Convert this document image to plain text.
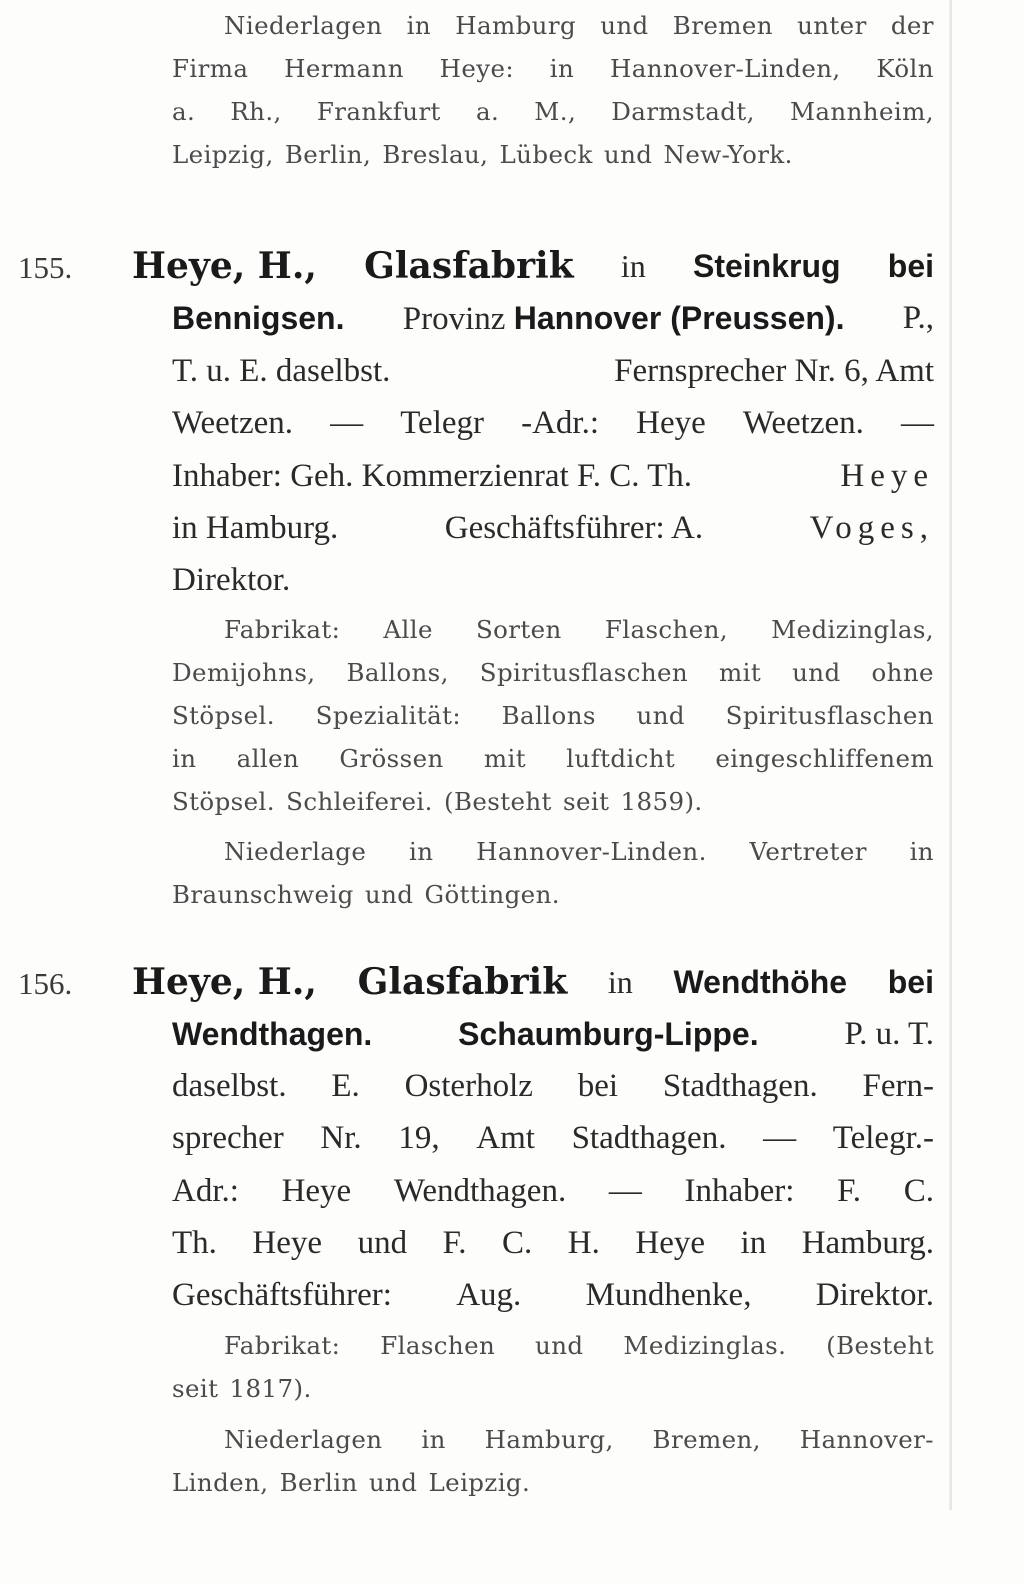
Niederlagen in Hamburg und Bremen unter der
Firma Hermann Heye: in Hannover-Linden, Köln
a. Rh., Frankfurt a. M., Darmstadt, Mannheim,
Leipzig, Berlin, Breslau, Lübeck und New-York.
155.	Heye, H., Glasfabrik in Steinkrug bei
Bennigsen. Provinz Hannover (Preussen). P.,
T. u. E. daselbst.	Fernsprecher Nr. 6, Amt
Weetzen. — Telegr -Adr.: Heye Weetzen. —
Inhaber: Geh. Kommerzienrat F. C. Th.	Heye
in Hamburg.	Geschäftsführer: A.	Voges,
Direktor.
Fabrikat: Alle Sorten Flaschen, Medizinglas,
Demijohns, Ballons, Spiritusflaschen mit und ohne
Stöpsel. Spezialität: Ballons und Spiritusflaschen
in allen Grössen mit luftdicht eingeschliffenem
Stöpsel. Schleiferei. (Besteht seit 1859).
Niederlage in Hannover-Linden. Vertreter in
Braunschweig und Göttingen.
156.	Heye, H., Glasfabrik in Wendthöhe bei
Wendthagen.	Schaumburg-Lippe.	P. u. T.
daselbst. E. Osterholz bei Stadthagen. Fern-
sprecher Nr. 19, Amt Stadthagen. — Telegr.-
Adr.: Heye Wendthagen. — Inhaber: F. C.
Th. Heye und F. C. H. Heye in Hamburg.
Geschäftsführer: Aug. Mundhenke, Direktor.
Fabrikat: Flaschen und Medizinglas. (Besteht
seit 1817).
Niederlagen in Hamburg, Bremen, Hannover-
Linden, Berlin und Leipzig.
